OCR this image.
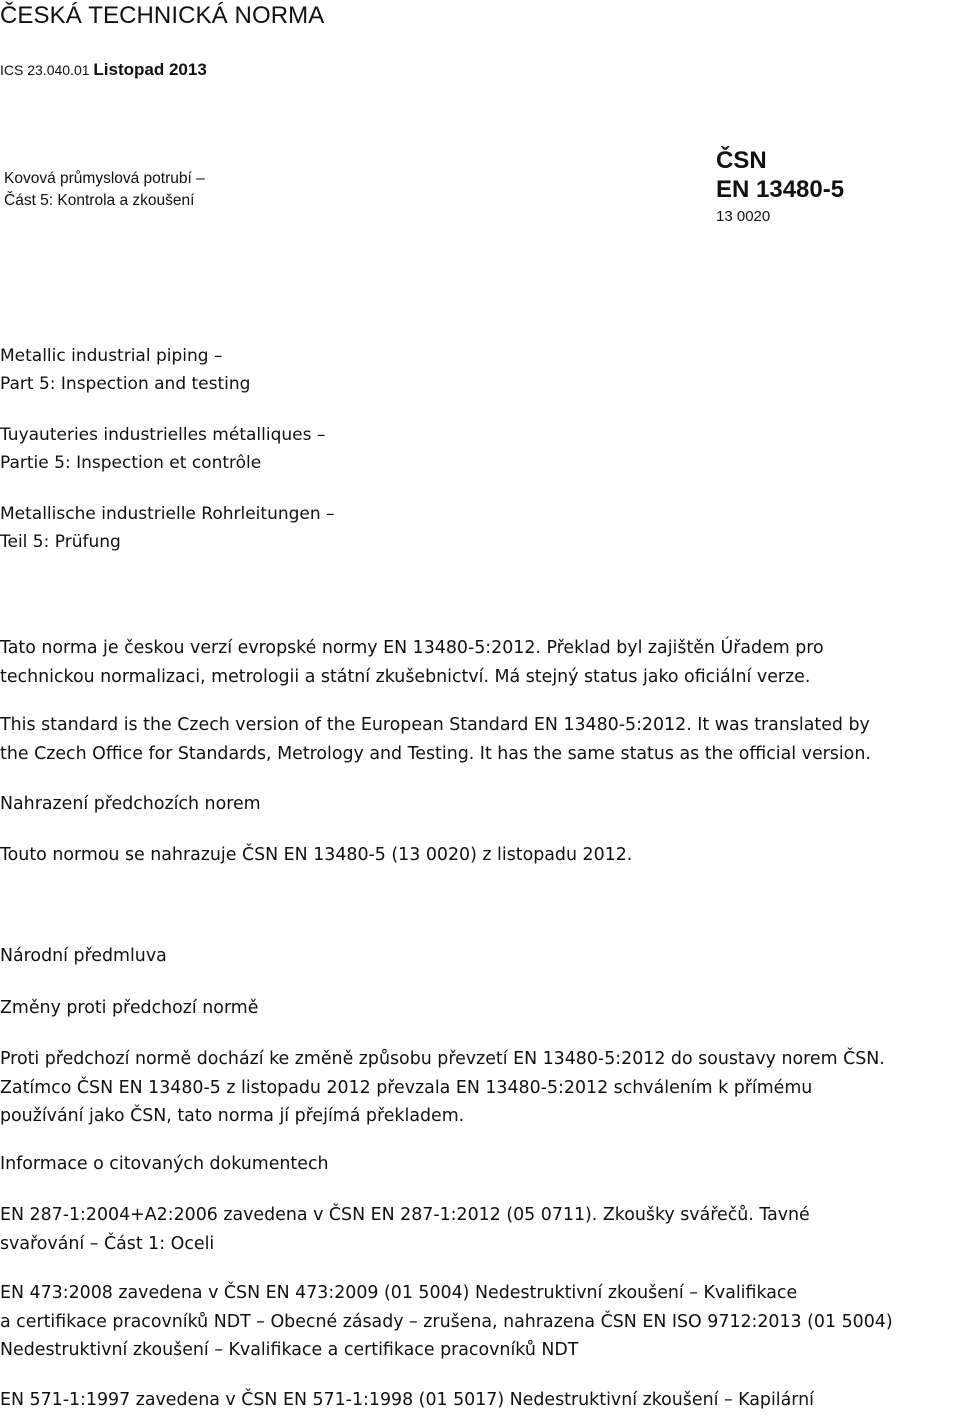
ČESKÁ TECHNICKÁ NORMA
ICS 23.040.01 Listopad 2013
Kovová průmyslová potrubí –
Část 5: Kontrola a zkoušení
ČSN
EN 13480-5
13 0020
Metallic industrial piping –
Part 5: Inspection and testing
Tuyauteries industrielles métalliques –
Partie 5: Inspection et contrôle
Metallische industrielle Rohrleitungen –
Teil 5: Prüfung
Tato norma je českou verzí evropské normy EN 13480-5:2012. Překlad byl zajištěn Úřadem pro
technickou normalizaci, metrologii a státní zkušebnictví. Má stejný status jako oficiální verze.
This standard is the Czech version of the European Standard EN 13480-5:2012. It was translated by
the Czech Office for Standards, Metrology and Testing. It has the same status as the official version.
Nahrazení předchozích norem
Touto normou se nahrazuje ČSN EN 13480-5 (13 0020) z listopadu 2012.
Národní předmluva
Změny proti předchozí normě
Proti předchozí normě dochází ke změně způsobu převzetí EN 13480-5:2012 do soustavy norem ČSN.
Zatímco ČSN EN 13480-5 z listopadu 2012 převzala EN 13480-5:2012 schválením k přímému
používání jako ČSN, tato norma jí přejímá překladem.
Informace o citovaných dokumentech
EN 287-1:2004+A2:2006 zavedena v ČSN EN 287-1:2012 (05 0711). Zkoušky svářečů. Tavné
svařování – Část 1: Oceli
EN 473:2008 zavedena v ČSN EN 473:2009 (01 5004) Nedestruktivní zkoušení – Kvalifikace
a certifikace pracovníků NDT – Obecné zásady – zrušena, nahrazena ČSN EN ISO 9712:2013 (01 5004)
Nedestruktivní zkoušení – Kvalifikace a certifikace pracovníků NDT
EN 571-1:1997 zavedena v ČSN EN 571-1:1998 (01 5017) Nedestruktivní zkoušení – Kapilární
